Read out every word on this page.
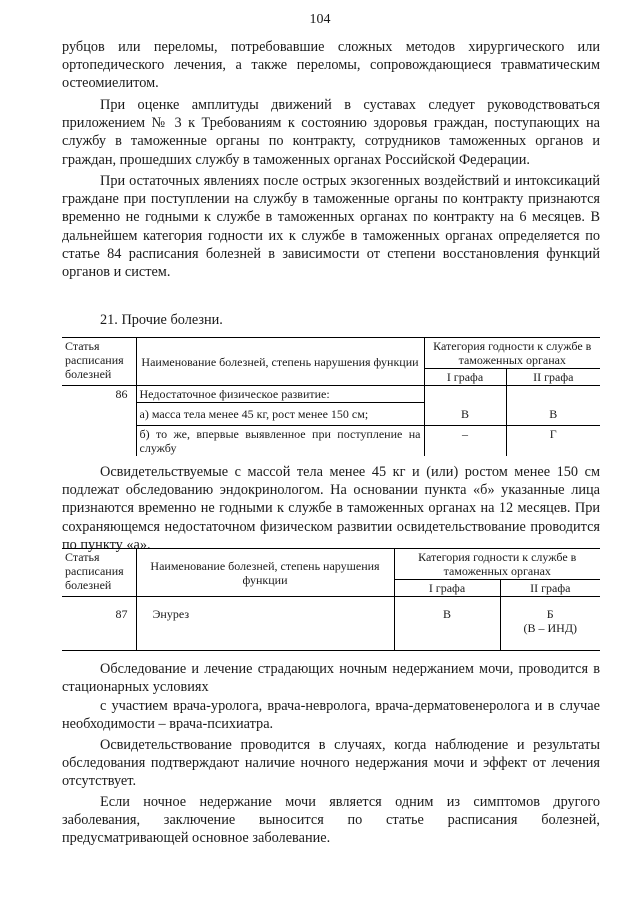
104

рубцов или переломы, потребовавшие сложных методов хирургического или ортопедического лечения, а также переломы, сопровождающиеся травматическим остеомиелитом.

При оценке амплитуды движений в суставах следует руководствоваться приложением № 3 к Требованиям к состоянию здоровья граждан, поступающих на службу в таможенные органы по контракту, сотрудников таможенных органов и граждан, прошедших службу в таможенных органах Российской Федерации.

При остаточных явлениях после острых экзогенных воздействий и интоксикаций граждане при поступлении на службу в таможенные органы по контракту признаются временно не годными к службе в таможенных органах по контракту на 6 месяцев. В дальнейшем категория годности их к службе в таможенных органах определяется по статье 84 расписания болезней в зависимости от степени восстановления функций органов и систем.

21. Прочие болезни.
Статья расписания болезней	Наименование болезней, степень нарушения функции	Категория годности к службе в таможенных органах	
		I графа	II графа
86	Недостаточное физическое развитие:		
	а) масса тела менее 45 кг, рост менее 150 см;	В	В
	б) то же, впервые выявленное при поступление на службу	–	Г

Освидетельствуемые с массой тела менее 45 кг и (или) ростом менее 150 см подлежат обследованию эндокринологом. На основании пункта «б» указанные лица признаются временно не годными к службе в таможенных органах на 12 месяцев. При сохраняющемся недостаточном физическом развитии освидетельствование проводится по пункту «а».

Статья расписания болезней	Наименование болезней, степень нарушения функции	Категория годности к службе в таможенных органах	
		I графа	II графа
87	Энурез	В	Б
(В – ИНД)

Обследование и лечение страдающих ночным недержанием мочи, проводится в стационарных условиях

с участием врача-уролога, врача-невролога, врача-дерматовенеролога и в случае необходимости – врача-психиатра.

Освидетельствование проводится в случаях, когда наблюдение и результаты обследования подтверждают наличие ночного недержания мочи и эффект от лечения отсутствует.

Если ночное недержание мочи является одним из симптомов другого заболевания, заключение выносится по статье расписания болезней, предусматривающей основное заболевание.
